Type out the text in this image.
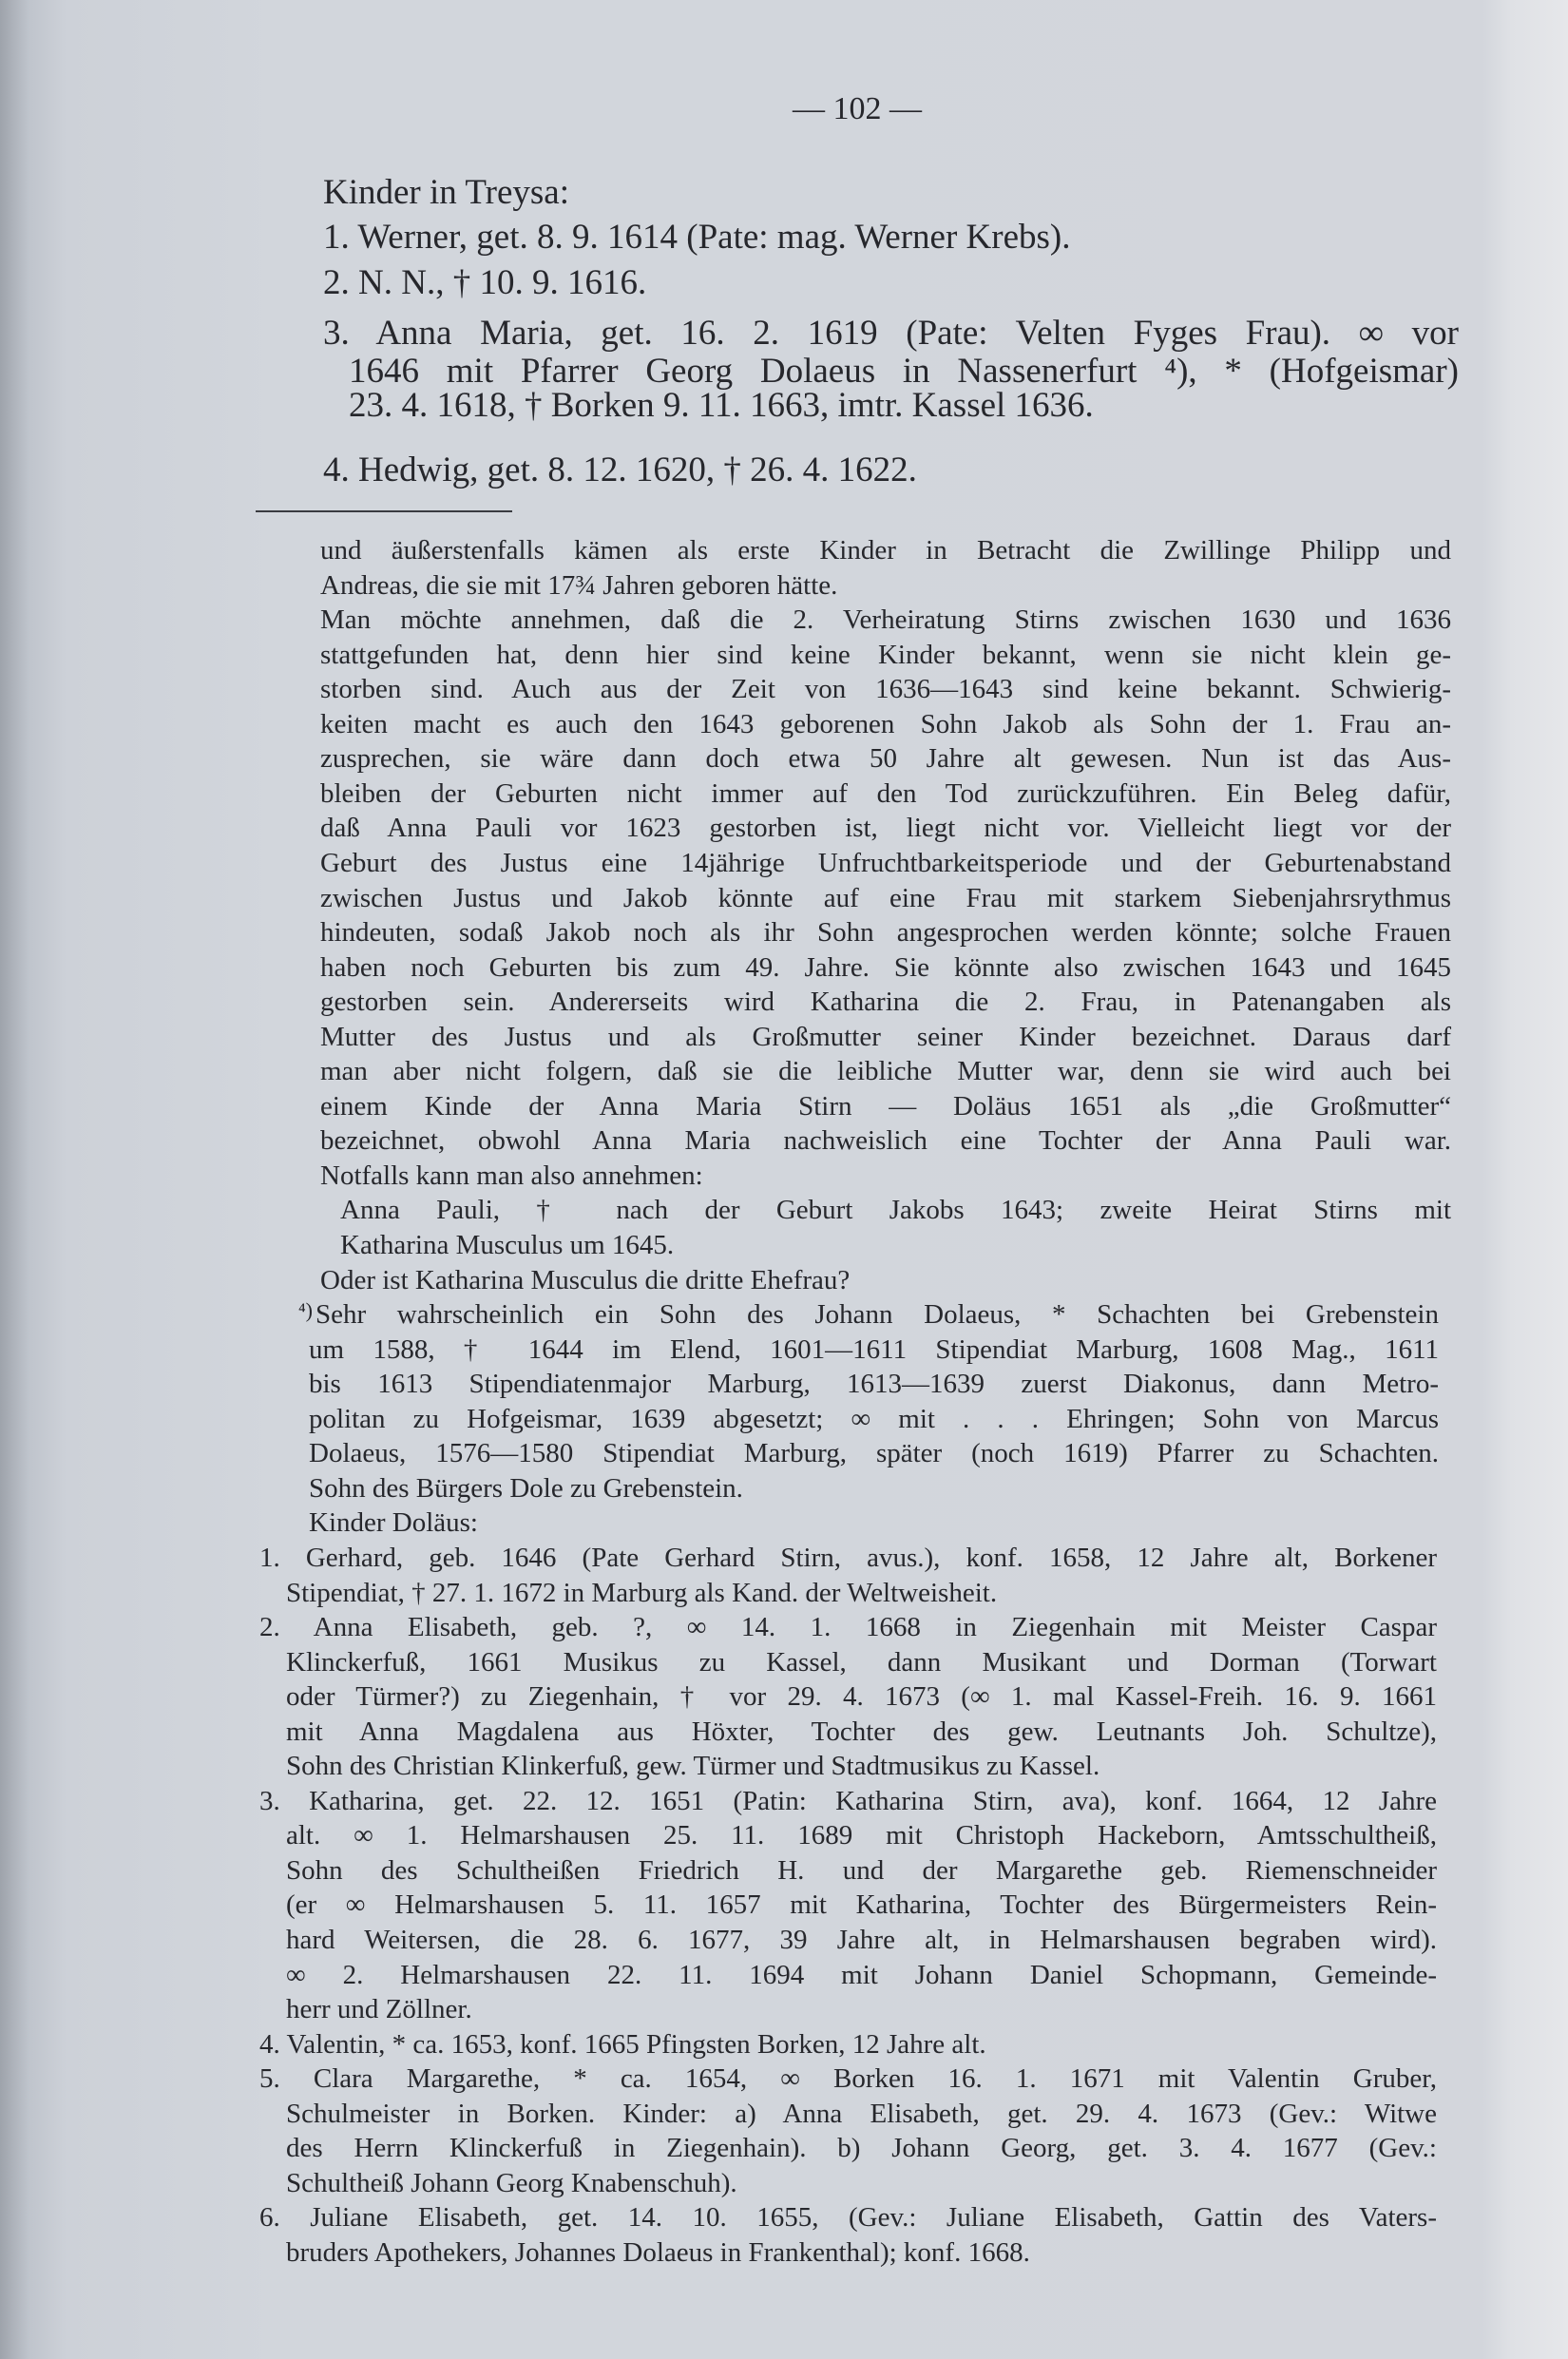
— 102 —
Kinder in Treysa:
1. Werner, get. 8. 9. 1614 (Pate: mag. Werner Krebs).
2. N. N., † 10. 9. 1616.
3. Anna Maria, get. 16. 2. 1619 (Pate: Velten Fyges Frau). ∞ vor
1646 mit Pfarrer Georg Dolaeus in Nassenerfurt ⁴), * (Hofgeismar)
23. 4. 1618, † Borken 9. 11. 1663, imtr. Kassel 1636.
4. Hedwig, get. 8. 12. 1620, † 26. 4. 1622.
und äußerstenfalls kämen als erste Kinder in Betracht die Zwillinge Philipp und
Andreas, die sie mit 17¾ Jahren geboren hätte.
Man möchte annehmen, daß die 2. Verheiratung Stirns zwischen 1630 und 1636
stattgefunden hat, denn hier sind keine Kinder bekannt, wenn sie nicht klein ge-
storben sind. Auch aus der Zeit von 1636—1643 sind keine bekannt. Schwierig-
keiten macht es auch den 1643 geborenen Sohn Jakob als Sohn der 1. Frau an-
zusprechen, sie wäre dann doch etwa 50 Jahre alt gewesen. Nun ist das Aus-
bleiben der Geburten nicht immer auf den Tod zurückzuführen. Ein Beleg dafür,
daß Anna Pauli vor 1623 gestorben ist, liegt nicht vor. Vielleicht liegt vor der
Geburt des Justus eine 14jährige Unfruchtbarkeitsperiode und der Geburtenabstand
zwischen Justus und Jakob könnte auf eine Frau mit starkem Siebenjahrsrythmus
hindeuten, sodaß Jakob noch als ihr Sohn angesprochen werden könnte; solche Frauen
haben noch Geburten bis zum 49. Jahre. Sie könnte also zwischen 1643 und 1645
gestorben sein. Andererseits wird Katharina die 2. Frau, in Patenangaben als
Mutter des Justus und als Großmutter seiner Kinder bezeichnet. Daraus darf
man aber nicht folgern, daß sie die leibliche Mutter war, denn sie wird auch bei
einem Kinde der Anna Maria Stirn — Doläus 1651 als „die Großmutter“
bezeichnet, obwohl Anna Maria nachweislich eine Tochter der Anna Pauli war.
Notfalls kann man also annehmen:
Anna Pauli, † nach der Geburt Jakobs 1643; zweite Heirat Stirns mit
Katharina Musculus um 1645.
Oder ist Katharina Musculus die dritte Ehefrau?
Sehr wahrscheinlich ein Sohn des Johann Dolaeus, * Schachten bei Grebenstein
⁴)
um 1588, † 1644 im Elend, 1601—1611 Stipendiat Marburg, 1608 Mag., 1611
bis 1613 Stipendiatenmajor Marburg, 1613—1639 zuerst Diakonus, dann Metro-
politan zu Hofgeismar, 1639 abgesetzt; ∞ mit . . . Ehringen; Sohn von Marcus
Dolaeus, 1576—1580 Stipendiat Marburg, später (noch 1619) Pfarrer zu Schachten.
Sohn des Bürgers Dole zu Grebenstein.
Kinder Doläus:
1. Gerhard, geb. 1646 (Pate Gerhard Stirn, avus.), konf. 1658, 12 Jahre alt, Borkener
Stipendiat, † 27. 1. 1672 in Marburg als Kand. der Weltweisheit.
2. Anna Elisabeth, geb. ?, ∞ 14. 1. 1668 in Ziegenhain mit Meister Caspar
Klinckerfuß, 1661 Musikus zu Kassel, dann Musikant und Dorman (Torwart
oder Türmer?) zu Ziegenhain, † vor 29. 4. 1673 (∞ 1. mal Kassel-Freih. 16. 9. 1661
mit Anna Magdalena aus Höxter, Tochter des gew. Leutnants Joh. Schultze),
Sohn des Christian Klinkerfuß, gew. Türmer und Stadtmusikus zu Kassel.
3. Katharina, get. 22. 12. 1651 (Patin: Katharina Stirn, ava), konf. 1664, 12 Jahre
alt. ∞ 1. Helmarshausen 25. 11. 1689 mit Christoph Hackeborn, Amtsschultheiß,
Sohn des Schultheißen Friedrich H. und der Margarethe geb. Riemenschneider
(er ∞ Helmarshausen 5. 11. 1657 mit Katharina, Tochter des Bürgermeisters Rein-
hard Weitersen, die 28. 6. 1677, 39 Jahre alt, in Helmarshausen begraben wird).
∞ 2. Helmarshausen 22. 11. 1694 mit Johann Daniel Schopmann, Gemeinde-
herr und Zöllner.
4. Valentin, * ca. 1653, konf. 1665 Pfingsten Borken, 12 Jahre alt.
5. Clara Margarethe, * ca. 1654, ∞ Borken 16. 1. 1671 mit Valentin Gruber,
Schulmeister in Borken. Kinder: a) Anna Elisabeth, get. 29. 4. 1673 (Gev.: Witwe
des Herrn Klinckerfuß in Ziegenhain). b) Johann Georg, get. 3. 4. 1677 (Gev.:
Schultheiß Johann Georg Knabenschuh).
6. Juliane Elisabeth, get. 14. 10. 1655, (Gev.: Juliane Elisabeth, Gattin des Vaters-
bruders Apothekers, Johannes Dolaeus in Frankenthal); konf. 1668.
